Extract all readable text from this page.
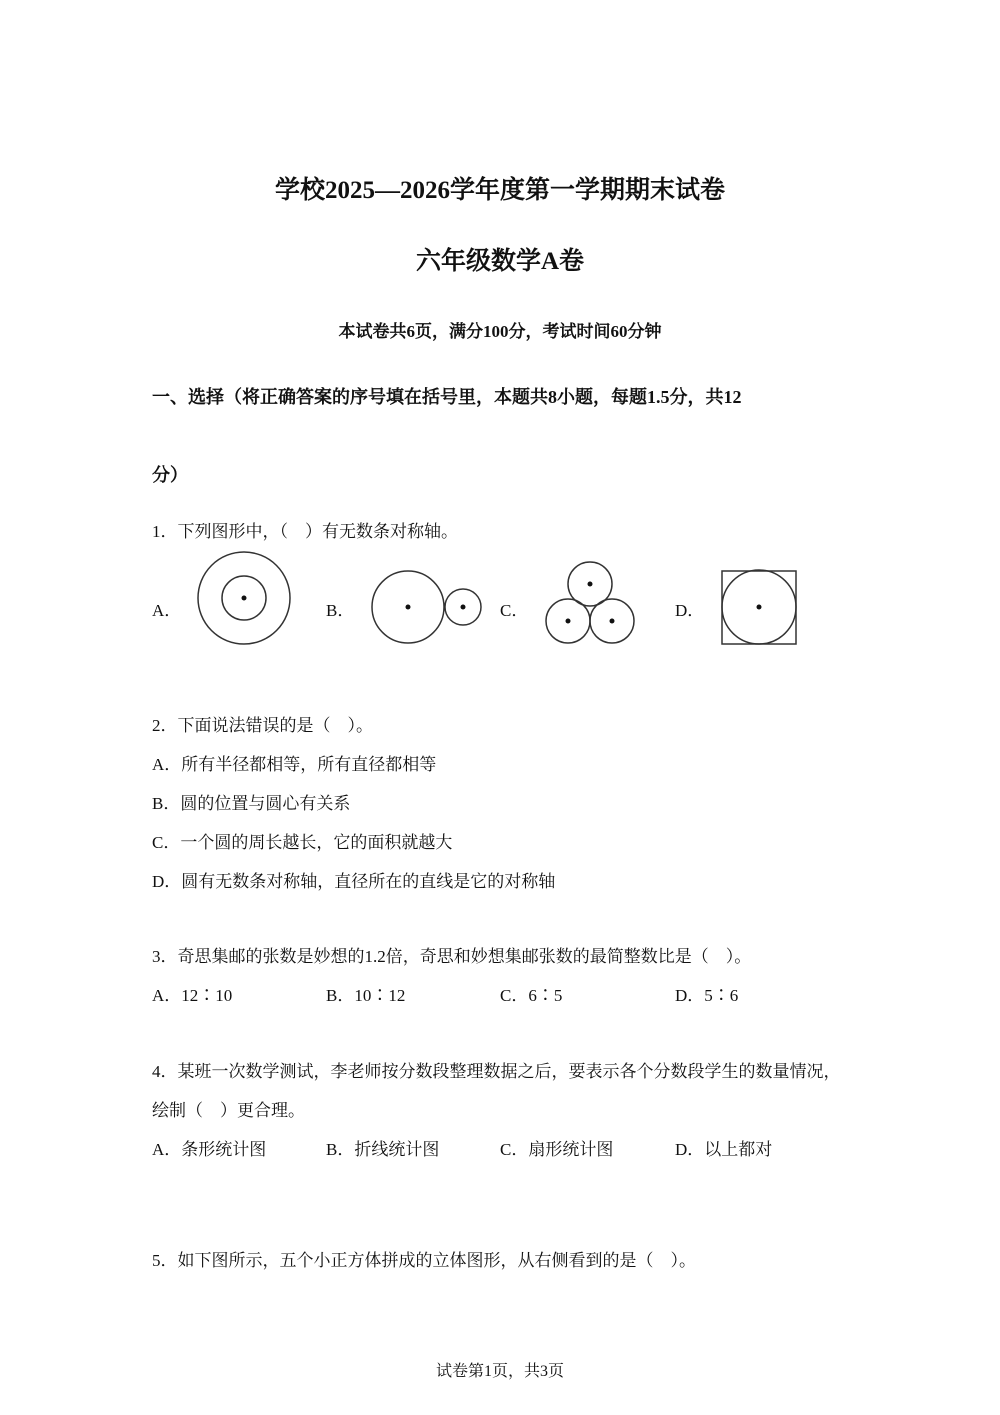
学校2025—2026学年度第一学期期末试卷
六年级数学A卷
本试卷共6页，满分100分，考试时间60分钟
一、选择（将正确答案的序号填在括号里，本题共8小题，每题1.5分，共12
分）
1．下列图形中，（　）有无数条对称轴。
A．	B．	C．	D．
2．下面说法错误的是（　）。
A．所有半径都相等，所有直径都相等
B．圆的位置与圆心有关系
C．一个圆的周长越长，它的面积就越大
D．圆有无数条对称轴，直径所在的直线是它的对称轴
3．奇思集邮的张数是妙想的1.2倍，奇思和妙想集邮张数的最简整数比是（　）。
A．12∶10	B．10∶12	C．6∶5	D．5∶6
4．某班一次数学测试，李老师按分数段整理数据之后，要表示各个分数段学生的数量情况，
绘制（　）更合理。
A．条形统计图	B．折线统计图	C．扇形统计图	D．以上都对
5．如下图所示，五个小正方体拼成的立体图形，从右侧看到的是（　）。
试卷第1页，共3页
